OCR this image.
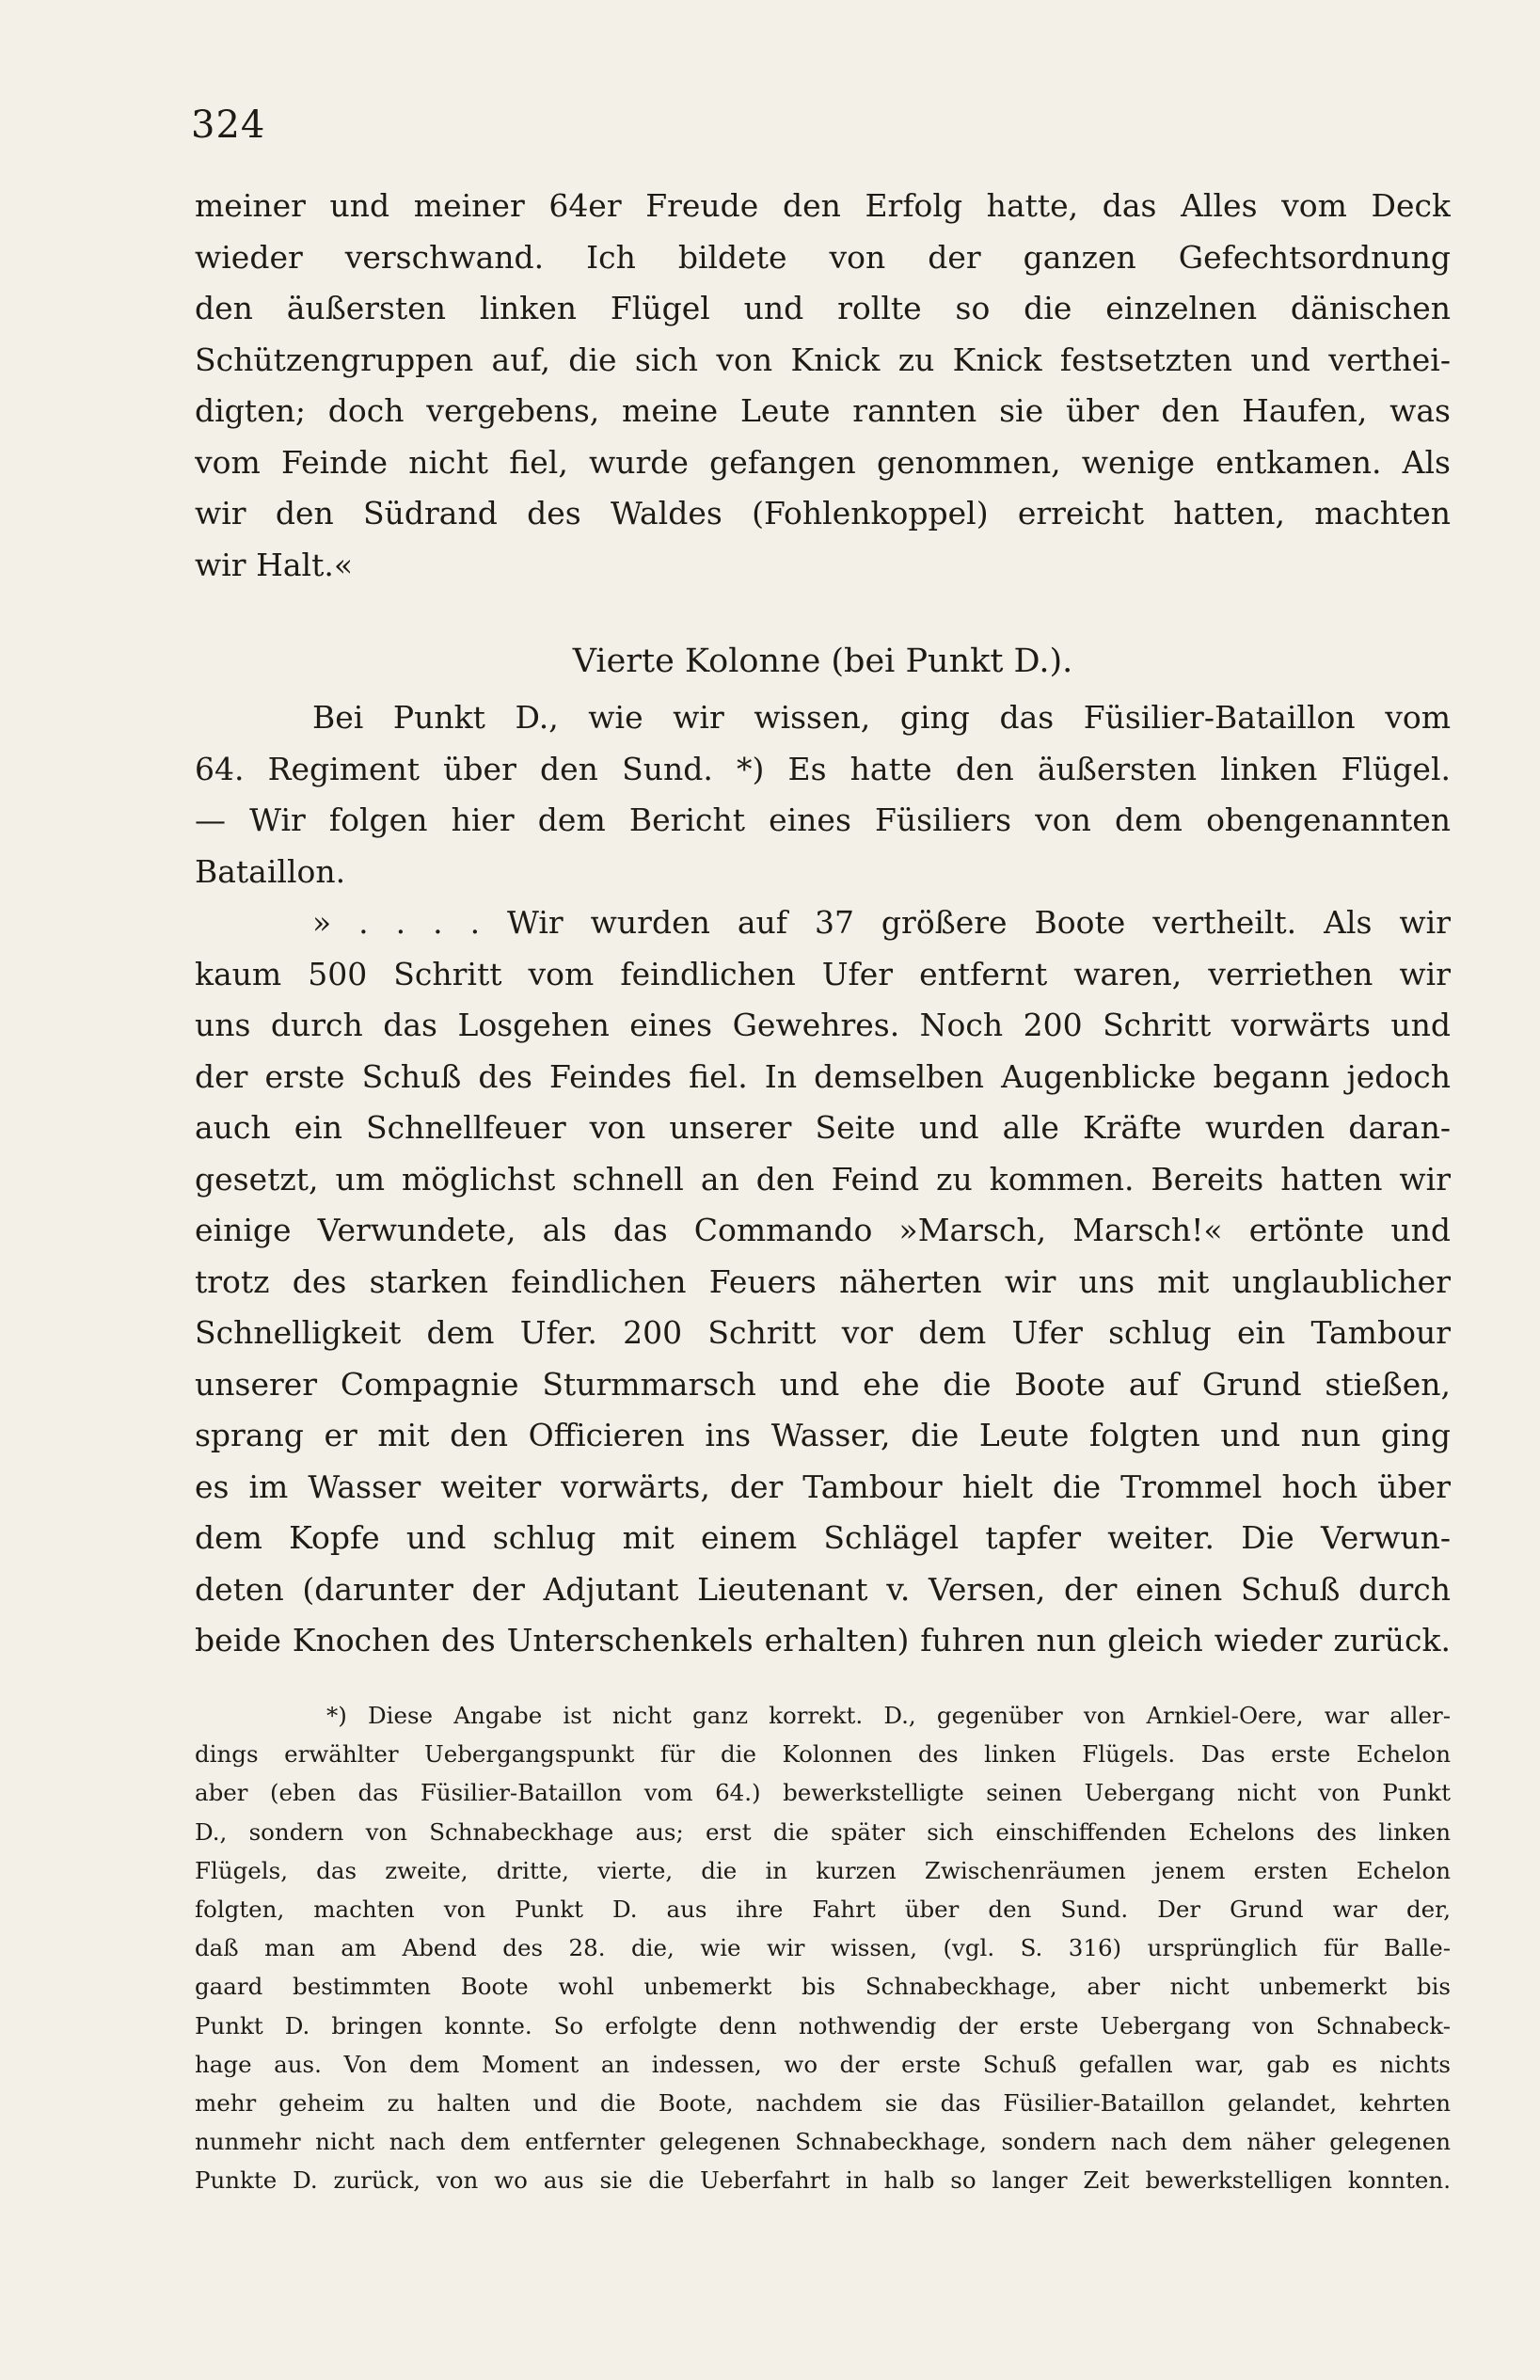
324
meiner und meiner 64er Freude den Erfolg hatte, das Alles vom Deck
wieder verschwand. Ich bildete von der ganzen Gefechtsordnung
den äußersten linken Flügel und rollte so die einzelnen dänischen
Schützengruppen auf, die sich von Knick zu Knick festsetzten und verthei-
digten; doch vergebens, meine Leute rannten sie über den Haufen, was
vom Feinde nicht fiel, wurde gefangen genommen, wenige entkamen. Als
wir den Südrand des Waldes (Fohlenkoppel) erreicht hatten, machten
wir Halt.«
Vierte Kolonne (bei Punkt D.).
Bei Punkt D., wie wir wissen, ging das Füsilier-Bataillon vom
64. Regiment über den Sund. *) Es hatte den äußersten linken Flügel.
— Wir folgen hier dem Bericht eines Füsiliers von dem obengenannten
Bataillon.
» . . . . Wir wurden auf 37 größere Boote vertheilt. Als wir
kaum 500 Schritt vom feindlichen Ufer entfernt waren, verriethen wir
uns durch das Losgehen eines Gewehres. Noch 200 Schritt vorwärts und
der erste Schuß des Feindes fiel. In demselben Augenblicke begann jedoch
auch ein Schnellfeuer von unserer Seite und alle Kräfte wurden daran-
gesetzt, um möglichst schnell an den Feind zu kommen. Bereits hatten wir
einige Verwundete, als das Commando »Marsch, Marsch!« ertönte und
trotz des starken feindlichen Feuers näherten wir uns mit unglaublicher
Schnelligkeit dem Ufer. 200 Schritt vor dem Ufer schlug ein Tambour
unserer Compagnie Sturmmarsch und ehe die Boote auf Grund stießen,
sprang er mit den Officieren ins Wasser, die Leute folgten und nun ging
es im Wasser weiter vorwärts, der Tambour hielt die Trommel hoch über
dem Kopfe und schlug mit einem Schlägel tapfer weiter. Die Verwun-
deten (darunter der Adjutant Lieutenant v. Versen, der einen Schuß durch
beide Knochen des Unterschenkels erhalten) fuhren nun gleich wieder zurück.
*) Diese Angabe ist nicht ganz korrekt. D., gegenüber von Arnkiel-Oere, war aller-
dings erwählter Uebergangspunkt für die Kolonnen des linken Flügels. Das erste Echelon
aber (eben das Füsilier-Bataillon vom 64.) bewerkstelligte seinen Uebergang nicht von Punkt
D., sondern von Schnabeckhage aus; erst die später sich einschiffenden Echelons des linken
Flügels, das zweite, dritte, vierte, die in kurzen Zwischenräumen jenem ersten Echelon
folgten, machten von Punkt D. aus ihre Fahrt über den Sund. Der Grund war der,
daß man am Abend des 28. die, wie wir wissen, (vgl. S. 316) ursprünglich für Balle-
gaard bestimmten Boote wohl unbemerkt bis Schnabeckhage, aber nicht unbemerkt bis
Punkt D. bringen konnte. So erfolgte denn nothwendig der erste Uebergang von Schnabeck-
hage aus. Von dem Moment an indessen, wo der erste Schuß gefallen war, gab es nichts
mehr geheim zu halten und die Boote, nachdem sie das Füsilier-Bataillon gelandet, kehrten
nunmehr nicht nach dem entfernter gelegenen Schnabeckhage, sondern nach dem näher gelegenen
Punkte D. zurück, von wo aus sie die Ueberfahrt in halb so langer Zeit bewerkstelligen konnten.
